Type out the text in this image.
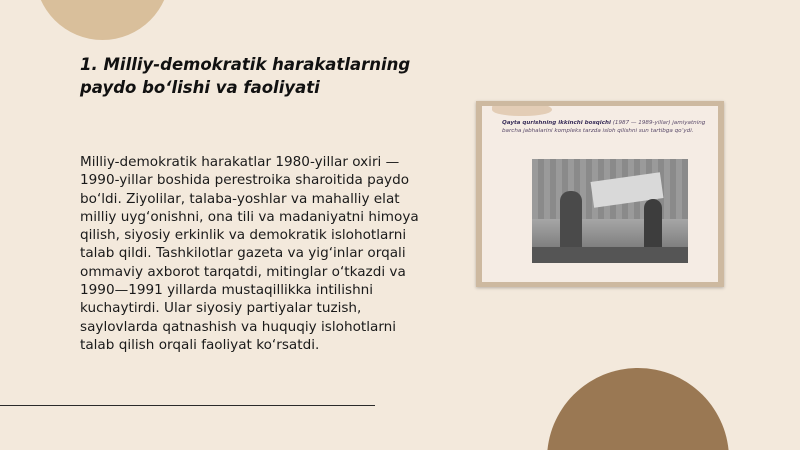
1. Milliy-demokratik harakatlarning
paydo bo‘lishi va faoliyati

Milliy-demokratik harakatlar 1980-yillar oxiri — 1990-yillar boshida perestroika sharoitida paydo bo‘ldi. Ziyolilar, talaba-yoshlar va mahalliy elat milliy uyg‘onishni, ona tili va madaniyatni himoya qilish, siyosiy erkinlik va demokratik islohotlarni talab qildi. Tashkilotlar gazeta va yig‘inlar orqali ommaviy axborot tarqatdi, mitinglar o‘tkazdi va 1990—1991 yillarda mustaqillikka intilishni kuchaytirdi. Ular siyosiy partiyalar tuzish, saylovlarda qatnashish va huquqiy islohotlarni talab qilish orqali faoliyat ko‘rsatdi.

Qayta qurishning ikkinchi bosqichi (1987 — 1989-yillar) jamiyatning barcha jabhalarini kompleks tarzda isloh qilishni sun tartibga qo‘ydi.
